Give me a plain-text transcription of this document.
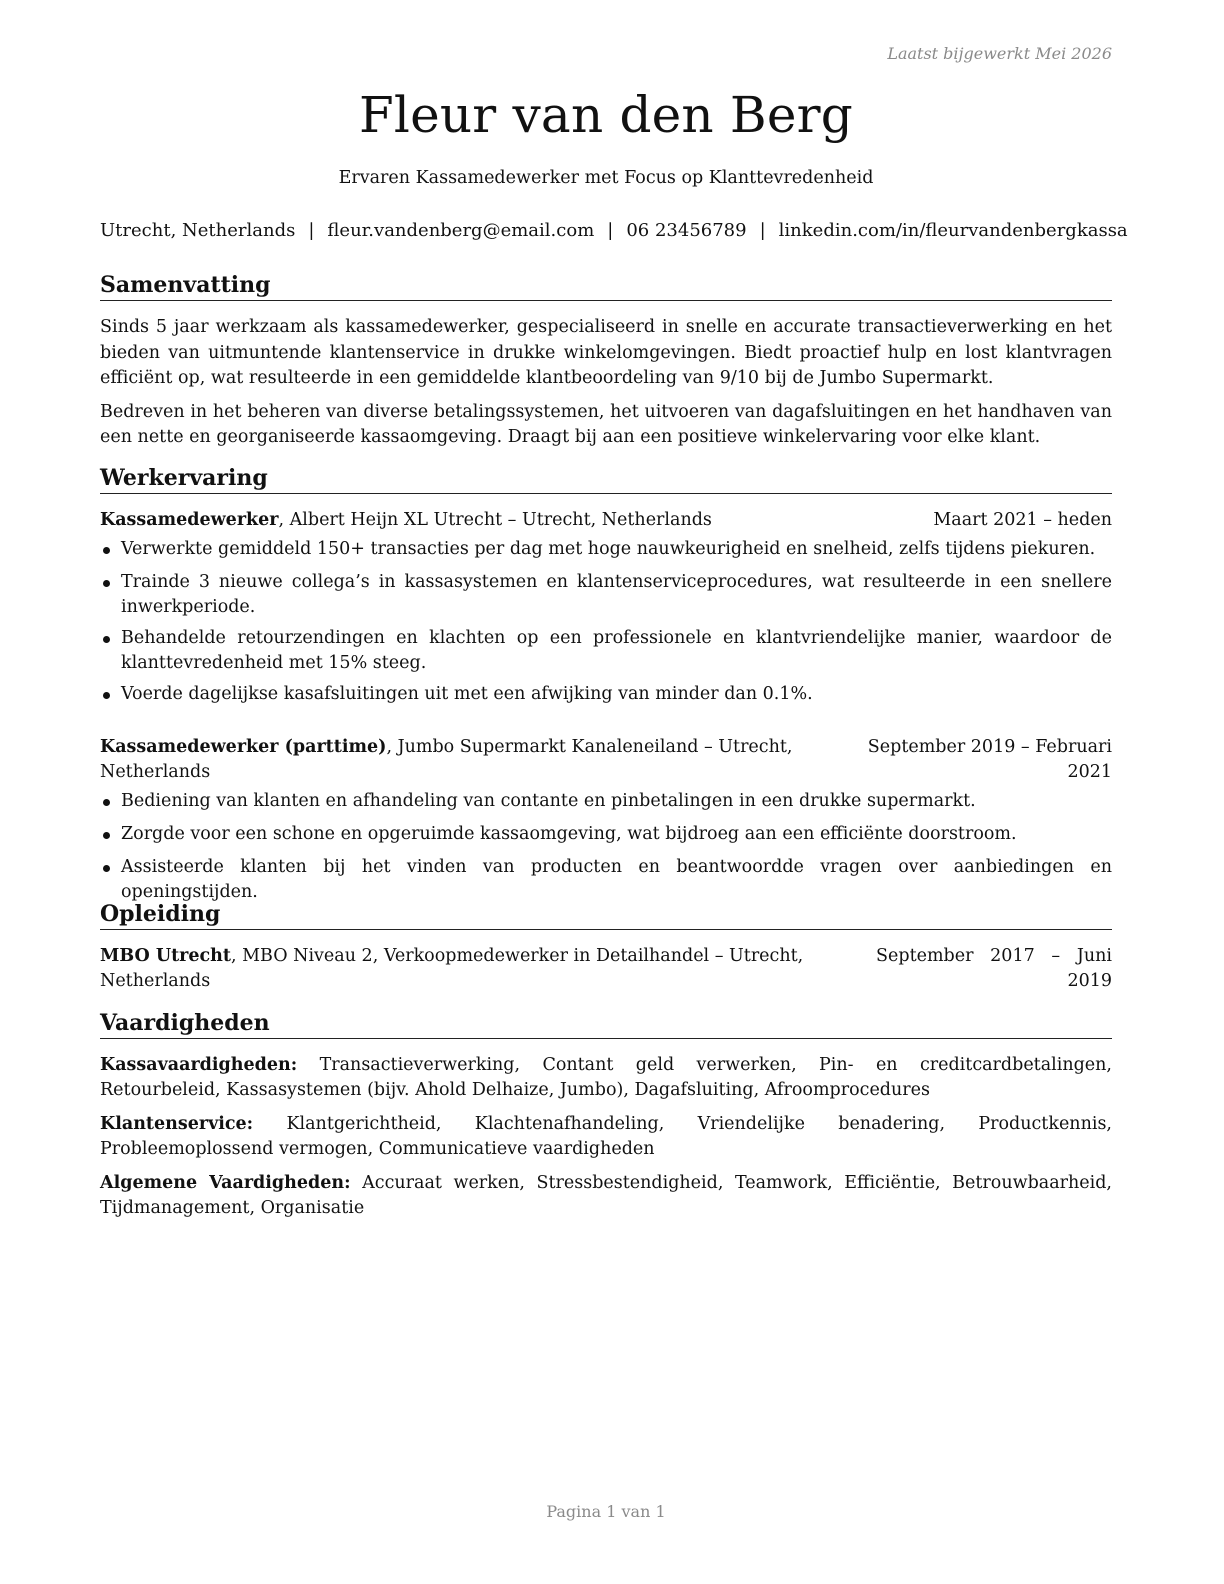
Laatst bijgewerkt Mei 2026
Fleur van den Berg
Ervaren Kassamedewerker met Focus op Klanttevredenheid
Utrecht, Netherlands | fleur.vandenberg@email.com | 06 23456789 | linkedin.com/in/fleurvandenbergkassa
Samenvatting

Sinds 5 jaar werkzaam als kassamedewerker, gespecialiseerd in snelle en accurate transactieverwerking en het bieden van uitmuntende klantenservice in drukke winkelomgevingen. Biedt proactief hulp en lost klantvragen efficiënt op, wat resulteerde in een gemiddelde klantbeoordeling van 9/10 bij de Jumbo Supermarkt.

Bedreven in het beheren van diverse betalingssystemen, het uitvoeren van dagafsluitingen en het handhaven van een nette en georganiseerde kassaomgeving. Draagt bij aan een positieve winkelervaring voor elke klant.

Werkervaring
Kassamedewerker, Albert Heijn XL Utrecht – Utrecht, Netherlands	Maart 2021 – heden
Verwerkte gemiddeld 150+ transacties per dag met hoge nauwkeurigheid en snelheid, zelfs tijdens piekuren.
Trainde 3 nieuwe collega’s in kassasystemen en klantenserviceprocedures, wat resulteerde in een snellere inwerkperiode.
Behandelde retourzendingen en klachten op een professionele en klantvriendelijke manier, waardoor de klanttevredenheid met 15% steeg.
Voerde dagelijkse kasafsluitingen uit met een afwijking van minder dan 0.1%.
Kassamedewerker (parttime), Jumbo Supermarkt Kanaleneiland – Utrecht, Netherlands
September 2019 – Februari
2021
Bediening van klanten en afhandeling van contante en pinbetalingen in een drukke supermarkt.
Zorgde voor een schone en opgeruimde kassaomgeving, wat bijdroeg aan een efficiënte doorstroom.
Assisteerde klanten bij het vinden van producten en beantwoordde vragen over aanbiedingen en openingstijden.
Opleiding
MBO Utrecht, MBO Niveau 2, Verkoopmedewerker in Detailhandel – Utrecht, Netherlands
September   2017   –   Juni
2019
Vaardigheden

Kassavaardigheden: Transactieverwerking, Contant geld verwerken, Pin- en creditcardbetalingen, Retourbeleid, Kassasystemen (bijv. Ahold Delhaize, Jumbo), Dagafsluiting, Afroomprocedures

Klantenservice: Klantgerichtheid, Klachtenafhandeling, Vriendelijke benadering, Productkennis, Probleemoplossend vermogen, Communicatieve vaardigheden

Algemene Vaardigheden: Accuraat werken, Stressbestendigheid, Teamwork, Efficiëntie, Betrouwbaarheid, Tijdmanagement, Organisatie

Pagina 1 van 1
